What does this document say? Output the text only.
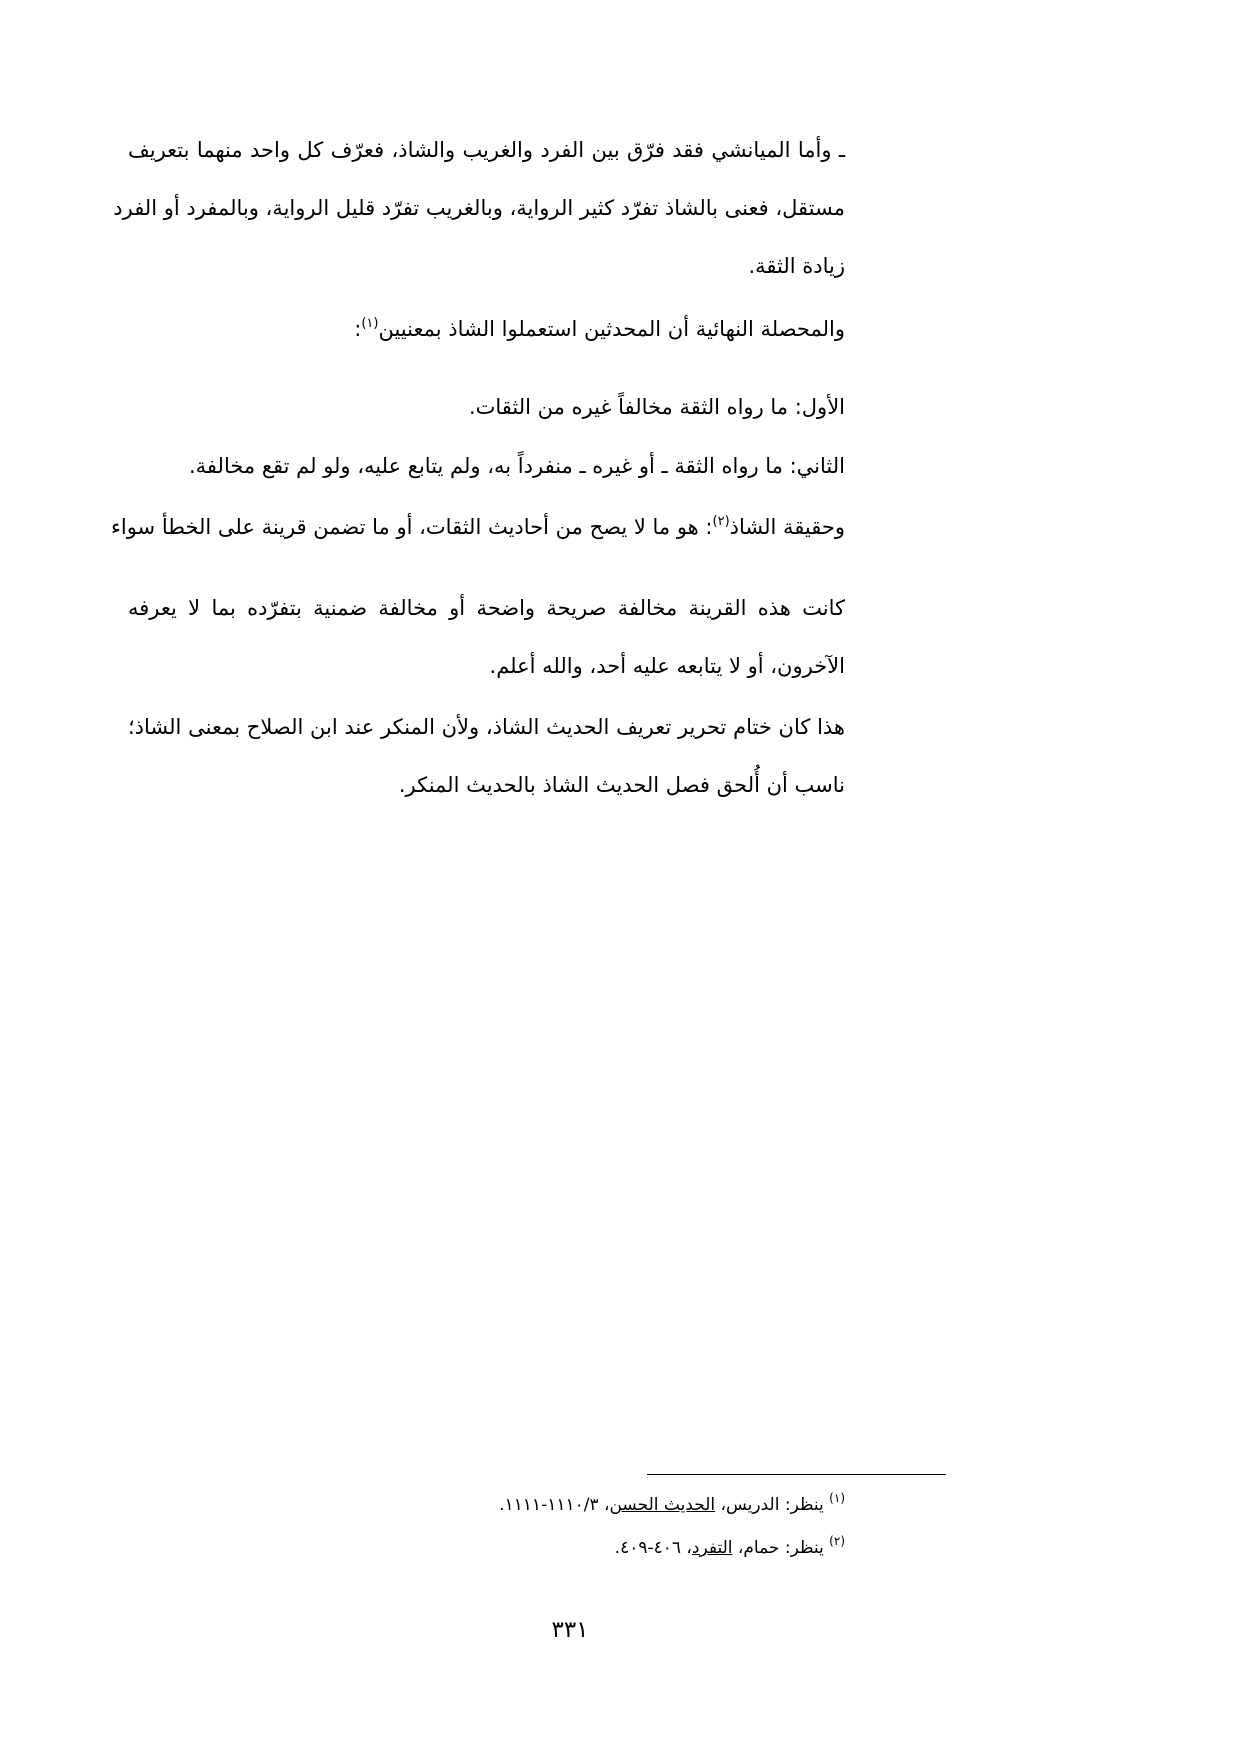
ـ وأما الميانشي فقد فرّق بين الفرد والغريب والشاذ، فعرّف كل واحد منهما بتعريف
مستقل، فعنى بالشاذ تفرّد كثير الرواية، وبالغريب تفرّد قليل الرواية، وبالمفرد أو الفرد
زيادة الثقة.
والمحصلة النهائية أن المحدثين استعملوا الشاذ بمعنيين$^{(١)}$:
الأول: ما رواه الثقة مخالفاً غيره من الثقات.
الثاني: ما رواه الثقة ـ أو غيره ـ منفرداً به، ولم يتابع عليه، ولو لم تقع مخالفة.
وحقيقة الشاذ$^{(٢)}$: هو ما لا يصح من أحاديث الثقات، أو ما تضمن قرينة على الخطأ سواء
كانت هذه القرينة مخالفة صريحة واضحة أو مخالفة ضمنية بتفرّده بما لا يعرفه
الآخرون، أو لا يتابعه عليه أحد، والله أعلم.
هذا كان ختام تحرير تعريف الحديث الشاذ، ولأن المنكر عند ابن الصلاح بمعنى الشاذ؛
ناسب أن أُلحق فصل الحديث الشاذ بالحديث المنكر.
$^{(١)}$ ينظر: الدريس، الحديث الحسن، ١١١٠/٣-١١١١.
$^{(٢)}$ ينظر: حمام، التفرد، ٤٠٦-٤٠٩.
٣٣١
